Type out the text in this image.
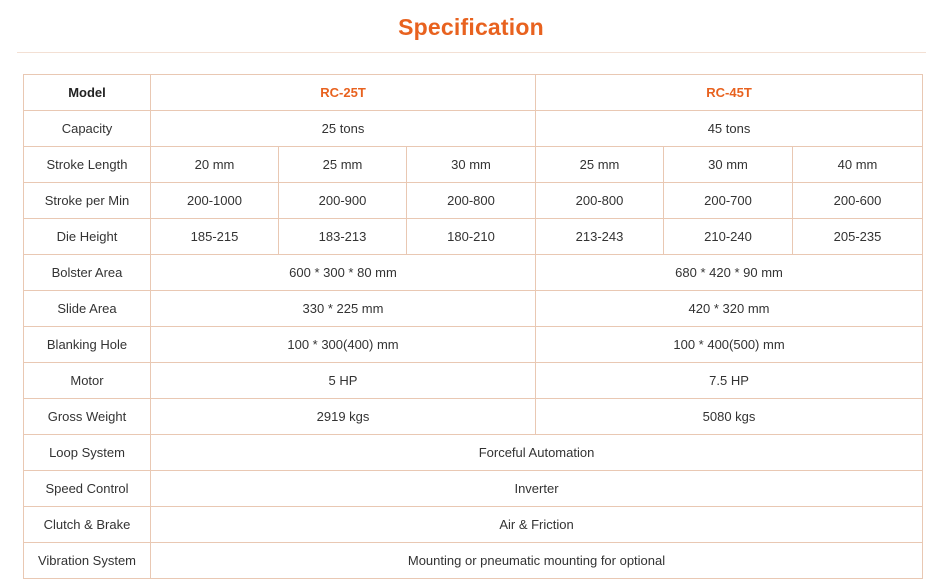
Specification
Model	RC-25T			RC-45T		
Capacity	25 tons			45 tons		
Stroke Length	20 mm	25 mm	30 mm	25 mm	30 mm	40 mm
Stroke per Min	200-1000	200-900	200-800	200-800	200-700	200-600
Die Height	185-215	183-213	180-210	213-243	210-240	205-235
Bolster Area	600 * 300 * 80 mm			680 * 420 * 90 mm		
Slide Area	330 * 225 mm			420 * 320 mm		
Blanking Hole	100 * 300(400) mm			100 * 400(500) mm		
Motor	5 HP			7.5 HP		
Gross Weight	2919 kgs			5080 kgs		
Loop System	Forceful Automation					
Speed Control	Inverter					
Clutch & Brake	Air & Friction					
Vibration System	Mounting or pneumatic mounting for optional					
